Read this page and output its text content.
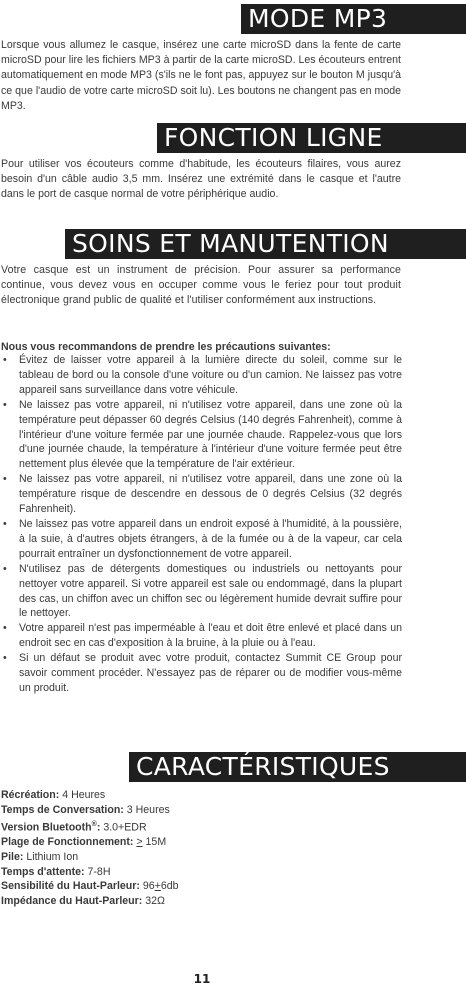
MODE MP3

Lorsque vous allumez le casque, insérez une carte microSD dans la fente de carte microSD pour lire les fichiers MP3 à partir de la carte microSD. Les écouteurs entrent automatiquement en mode MP3 (s'ils ne le font pas, appuyez sur le bouton M jusqu'à ce que l'audio de votre carte microSD soit lu). Les boutons ne changent pas en mode MP3.

FONCTION LIGNE

Pour utiliser vos écouteurs comme d'habitude, les écouteurs filaires, vous aurez besoin d'un câble audio 3,5 mm. Insérez une extrémité dans le casque et l'autre dans le port de casque normal de votre périphérique audio.

SOINS ET MANUTENTION

Votre casque est un instrument de précision. Pour assurer sa performance continue, vous devez vous en occuper comme vous le feriez pour tout produit électronique grand public de qualité et l'utiliser conformément aux instructions.

Nous vous recommandons de prendre les précautions suivantes:

• Évitez de laisser votre appareil à la lumière directe du soleil, comme sur le tableau de bord ou la console d'une voiture ou d'un camion. Ne laissez pas votre appareil sans surveillance dans votre véhicule.
• Ne laissez pas votre appareil, ni n'utilisez votre appareil, dans une zone où la température peut dépasser 60 degrés Celsius (140 degrés Fahrenheit), comme à l'intérieur d'une voiture fermée par une journée chaude. Rappelez-vous que lors d'une journée chaude, la température à l'intérieur d'une voiture fermée peut être nettement plus élevée que la température de l'air extérieur.
• Ne laissez pas votre appareil, ni n'utilisez votre appareil, dans une zone où la température risque de descendre en dessous de 0 degrés Celsius (32 degrés Fahrenheit).
• Ne laissez pas votre appareil dans un endroit exposé à l'humidité, à la poussière, à la suie, à d'autres objets étrangers, à de la fumée ou à de la vapeur, car cela pourrait entraîner un dysfonctionnement de votre appareil.
• N'utilisez pas de détergents domestiques ou industriels ou nettoyants pour nettoyer votre appareil. Si votre appareil est sale ou endommagé, dans la plupart des cas, un chiffon avec un chiffon sec ou légèrement humide devrait suffire pour le nettoyer.
• Votre appareil n'est pas imperméable à l'eau et doit être enlevé et placé dans un endroit sec en cas d'exposition à la bruine, à la pluie ou à l'eau.
• Si un défaut se produit avec votre produit, contactez Summit CE Group pour savoir comment procéder. N'essayez pas de réparer ou de modifier vous-même un produit.
CARACTÉRISTIQUES
Récréation: 4 Heures
Temps de Conversation: 3 Heures
Version Bluetooth®: 3.0+EDR
Plage de Fonctionnement: > 15M
Pile: Lithium Ion
Temps d'attente: 7-8H
Sensibilité du Haut-Parleur: 96+6db
Impédance du Haut-Parleur: 32Ω
11
